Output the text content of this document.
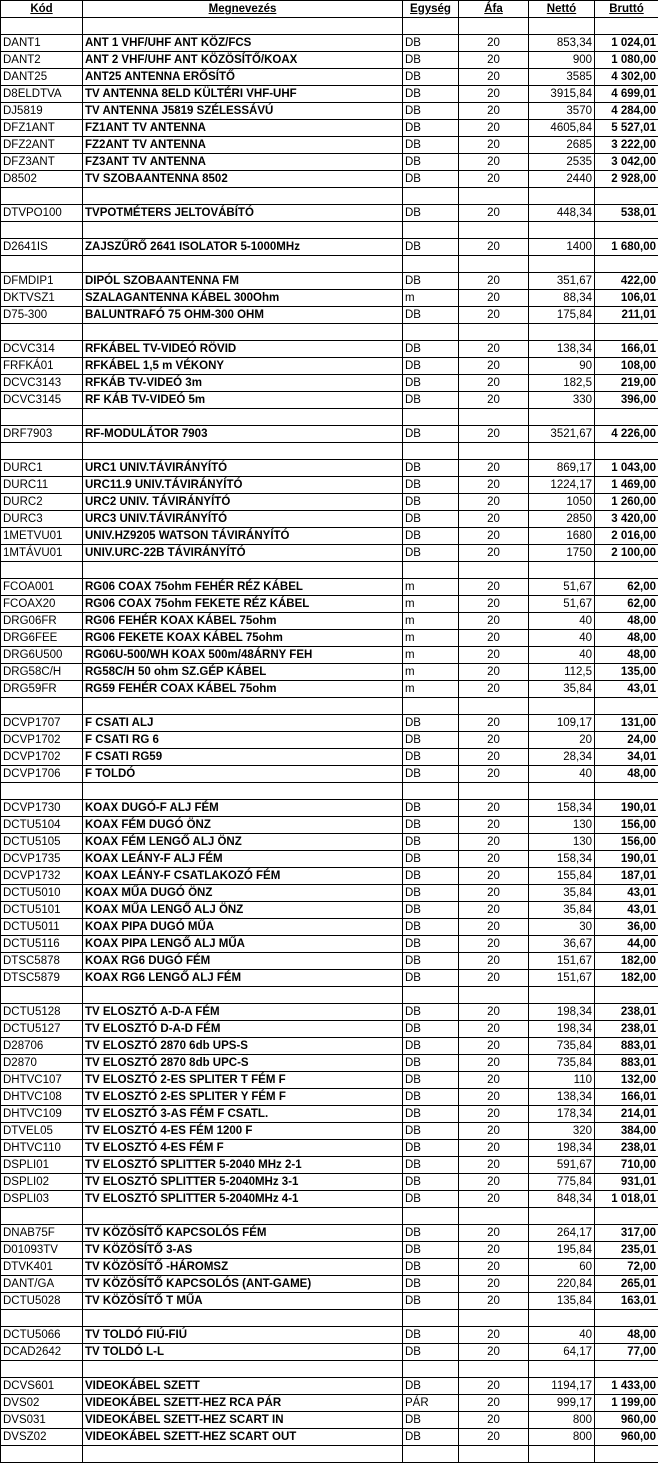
Kód	Megnevezés	Egység	Áfa	Nettó	Bruttó

DANT1	ANT 1 VHF/UHF ANT KÖZ/FCS	DB	20	853,34	1 024,01
DANT2	ANT 2 VHF/UHF ANT KÖZÖSÍTŐ/KOAX	DB	20	900	1 080,00
DANT25	ANT25 ANTENNA ERŐSÍTŐ	DB	20	3585	4 302,00
D8ELDTVA	TV ANTENNA 8ELD KÜLTÉRI VHF-UHF	DB	20	3915,84	4 699,01
DJ5819	TV ANTENNA J5819 SZÉLESSÁVÚ	DB	20	3570	4 284,00
DFZ1ANT	FZ1ANT TV ANTENNA	DB	20	4605,84	5 527,01
DFZ2ANT	FZ2ANT TV ANTENNA	DB	20	2685	3 222,00
DFZ3ANT	FZ3ANT TV ANTENNA	DB	20	2535	3 042,00
D8502	TV SZOBAANTENNA 8502	DB	20	2440	2 928,00

DTVPO100	TVPOTMÉTERS JELTOVÁBÍTÓ	DB	20	448,34	538,01

D2641IS	ZAJSZŰRŐ 2641 ISOLATOR 5-1000MHz	DB	20	1400	1 680,00

DFMDIP1	DIPÓL SZOBAANTENNA FM	DB	20	351,67	422,00
DKTVSZ1	SZALAGANTENNA KÁBEL 300Ohm	m	20	88,34	106,01
D75-300	BALUNTRAFÓ 75 OHM-300 OHM	DB	20	175,84	211,01

DCVC314	RFKÁBEL TV-VIDEÓ RÖVID	DB	20	138,34	166,01
FRFKÁ01	RFKÁBEL 1,5 m VÉKONY	DB	20	90	108,00
DCVC3143	RFKÁB TV-VIDEÓ 3m	DB	20	182,5	219,00
DCVC3145	RF KÁB TV-VIDEÓ 5m	DB	20	330	396,00

DRF7903	RF-MODULÁTOR 7903	DB	20	3521,67	4 226,00

DURC1	URC1 UNIV.TÁVIRÁNYÍTÓ	DB	20	869,17	1 043,00
DURC11	URC11.9 UNIV.TÁVIRÁNYÍTÓ	DB	20	1224,17	1 469,00
DURC2	URC2 UNIV. TÁVIRÁNYÍTÓ	DB	20	1050	1 260,00
DURC3	URC3 UNIV.TÁVIRÁNYÍTÓ	DB	20	2850	3 420,00
1METVU01	UNIV.HZ9205 WATSON TÁVIRÁNYÍTÓ	DB	20	1680	2 016,00
1MTÁVU01	UNIV.URC-22B TÁVIRÁNYÍTÓ	DB	20	1750	2 100,00

FCOA001	RG06 COAX 75ohm FEHÉR RÉZ KÁBEL	m	20	51,67	62,00
FCOAX20	RG06 COAX 75ohm FEKETE RÉZ KÁBEL	m	20	51,67	62,00
DRG06FR	RG06 FEHÉR KOAX KÁBEL 75ohm	m	20	40	48,00
DRG6FEE	RG06 FEKETE KOAX KÁBEL 75ohm	m	20	40	48,00
DRG6U500	RG06U-500/WH KOAX 500m/48ÁRNY FEH	m	20	40	48,00
DRG58C/H	RG58C/H 50 ohm SZ.GÉP KÁBEL	m	20	112,5	135,00
DRG59FR	RG59 FEHÉR COAX KÁBEL 75ohm	m	20	35,84	43,01

DCVP1707	F CSATI ALJ	DB	20	109,17	131,00
DCVP1702	F CSATI RG 6	DB	20	20	24,00
DCVP1702	F CSATI RG59	DB	20	28,34	34,01
DCVP1706	F TOLDÓ	DB	20	40	48,00

DCVP1730	KOAX DUGÓ-F ALJ FÉM	DB	20	158,34	190,01
DCTU5104	KOAX FÉM DUGÓ ÖNZ	DB	20	130	156,00
DCTU5105	KOAX FÉM LENGŐ ALJ ÖNZ	DB	20	130	156,00
DCVP1735	KOAX LEÁNY-F ALJ FÉM	DB	20	158,34	190,01
DCVP1732	KOAX LEÁNY-F CSATLAKOZÓ FÉM	DB	20	155,84	187,01
DCTU5010	KOAX MŰA DUGÓ ÖNZ	DB	20	35,84	43,01
DCTU5101	KOAX MŰA LENGŐ ALJ ÖNZ	DB	20	35,84	43,01
DCTU5011	KOAX PIPA DUGÓ MŰA	DB	20	30	36,00
DCTU5116	KOAX PIPA LENGŐ ALJ MŰA	DB	20	36,67	44,00
DTSC5878	KOAX RG6 DUGÓ FÉM	DB	20	151,67	182,00
DTSC5879	KOAX RG6 LENGŐ ALJ FÉM	DB	20	151,67	182,00

DCTU5128	TV ELOSZTÓ A-D-A FÉM	DB	20	198,34	238,01
DCTU5127	TV ELOSZTÓ D-A-D FÉM	DB	20	198,34	238,01
D28706	TV ELOSZTÓ 2870 6db UPS-S	DB	20	735,84	883,01
D2870	TV ELOSZTÓ 2870 8db UPC-S	DB	20	735,84	883,01
DHTVC107	TV ELOSZTÓ 2-ES SPLITER T FÉM F	DB	20	110	132,00
DHTVC108	TV ELOSZTÓ 2-ES SPLITER Y FÉM F	DB	20	138,34	166,01
DHTVC109	TV ELOSZTÓ 3-AS FÉM F CSATL.	DB	20	178,34	214,01
DTVEL05	TV ELOSZTÓ 4-ES FÉM 1200 F	DB	20	320	384,00
DHTVC110	TV ELOSZTÓ 4-ES FÉM F	DB	20	198,34	238,01
DSPLI01	TV ELOSZTÓ SPLITTER 5-2040 MHz 2-1	DB	20	591,67	710,00
DSPLI02	TV ELOSZTÓ SPLITTER 5-2040MHz 3-1	DB	20	775,84	931,01
DSPLI03	TV ELOSZTÓ SPLITTER 5-2040MHz 4-1	DB	20	848,34	1 018,01

DNAB75F	TV KÖZÖSÍTŐ KAPCSOLÓS FÉM	DB	20	264,17	317,00
D01093TV	TV KÖZÖSÍTŐ 3-AS	DB	20	195,84	235,01
DTVK401	TV KÖZÖSÍTŐ -HÁROMSZ	DB	20	60	72,00
DANT/GA	TV KÖZÖSÍTŐ KAPCSOLÓS (ANT-GAME)	DB	20	220,84	265,01
DCTU5028	TV KÖZÖSÍTŐ T MŰA	DB	20	135,84	163,01

DCTU5066	TV TOLDÓ FIÚ-FIÚ	DB	20	40	48,00
DCAD2642	TV TOLDÓ L-L	DB	20	64,17	77,00

DCVS601	VIDEOKÁBEL SZETT	DB	20	1194,17	1 433,00
DVS02	VIDEOKÁBEL SZETT-HEZ RCA PÁR	PÁR	20	999,17	1 199,00
DVS031	VIDEOKÁBEL SZETT-HEZ SCART IN	DB	20	800	960,00
DVSZ02	VIDEOKÁBEL SZETT-HEZ SCART OUT	DB	20	800	960,00
